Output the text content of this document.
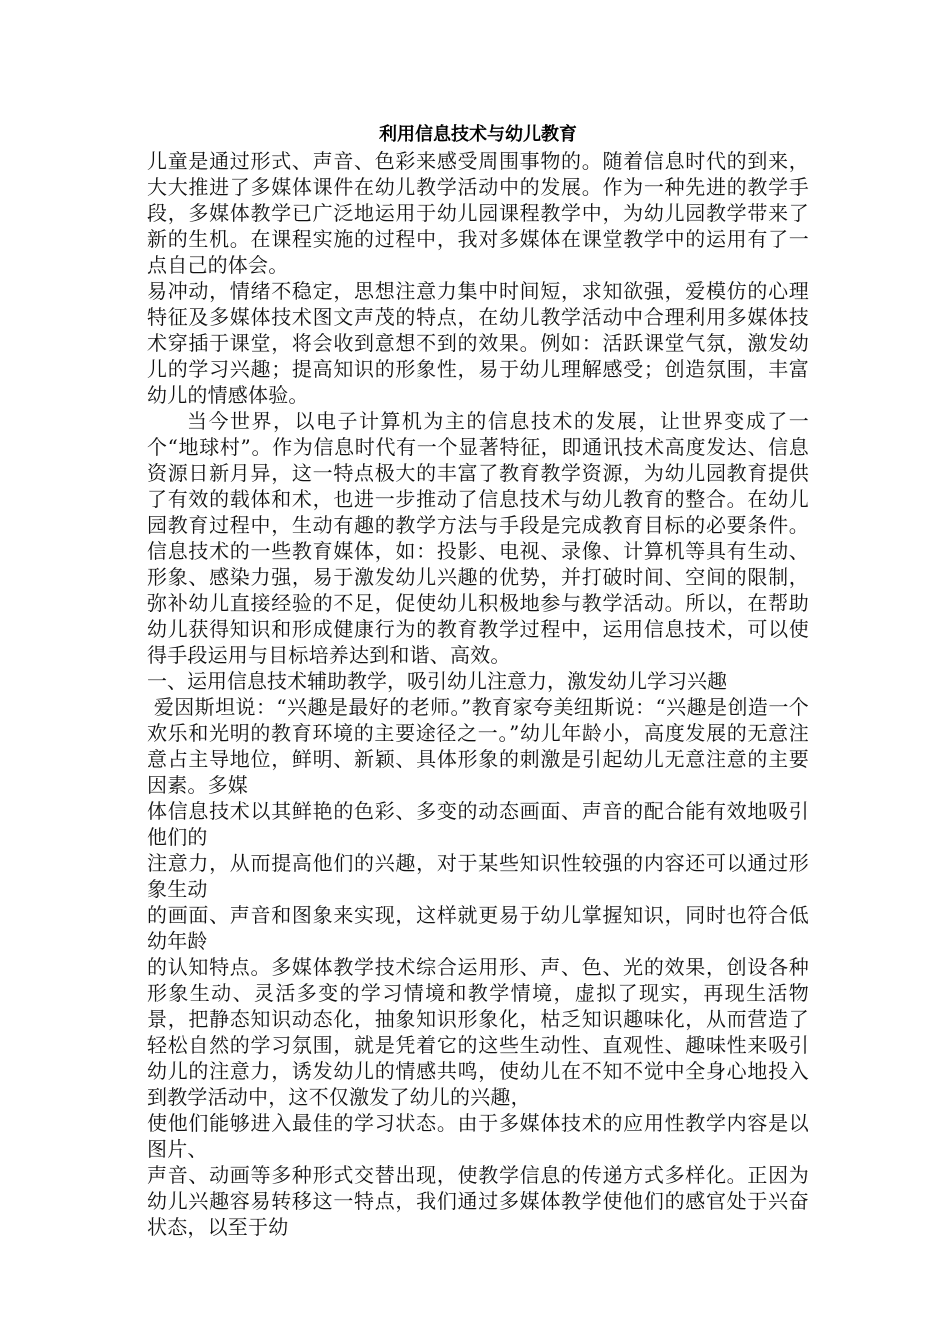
利用信息技术与幼儿教育

儿童是通过形式、声音、色彩来感受周围事物的。随着信息时代的到来，大大推进了多媒体课件在幼儿教学活动中的发展。作为一种先进的教学手段，多媒体教学已广泛地运用于幼儿园课程教学中，为幼儿园教学带来了新的生机。在课程实施的过程中，我对多媒体在课堂教学中的运用有了一点自己的体会。

易冲动，情绪不稳定，思想注意力集中时间短，求知欲强，爱模仿的心理特征及多媒体技术图文声茂的特点，在幼儿教学活动中合理利用多媒体技术穿插于课堂，将会收到意想不到的效果。例如：活跃课堂气氛，激发幼儿的学习兴趣；提高知识的形象性，易于幼儿理解感受；创造氛围，丰富幼儿的情感体验。

当今世界，以电子计算机为主的信息技术的发展，让世界变成了一个“地球村”。作为信息时代有一个显著特征，即通讯技术高度发达、信息资源日新月异，这一特点极大的丰富了教育教学资源，为幼儿园教育提供了有效的载体和术，也进一步推动了信息技术与幼儿教育的整合。在幼儿园教育过程中，生动有趣的教学方法与手段是完成教育目标的必要条件。信息技术的一些教育媒体，如：投影、电视、录像、计算机等具有生动、形象、感染力强，易于激发幼儿兴趣的优势，并打破时间、空间的限制，弥补幼儿直接经验的不足，促使幼儿积极地参与教学活动。所以，在帮助幼儿获得知识和形成健康行为的教育教学过程中，运用信息技术，可以使得手段运用与目标培养达到和谐、高效。

一、运用信息技术辅助教学，吸引幼儿注意力，激发幼儿学习兴趣

爱因斯坦说：“兴趣是最好的老师。”教育家夸美纽斯说：“兴趣是创造一个欢乐和光明的教育环境的主要途径之一。”幼儿年龄小，高度发展的无意注意占主导地位，鲜明、新颖、具体形象的刺激是引起幼儿无意注意的主要因素。多媒

体信息技术以其鲜艳的色彩、多变的动态画面、声音的配合能有效地吸引他们的

注意力，从而提高他们的兴趣，对于某些知识性较强的内容还可以通过形象生动

的画面、声音和图象来实现，这样就更易于幼儿掌握知识，同时也符合低幼年龄

的认知特点。多媒体教学技术综合运用形、声、色、光的效果，创设各种形象生动、灵活多变的学习情境和教学情境，虚拟了现实，再现生活物景，把静态知识动态化，抽象知识形象化，枯乏知识趣味化，从而营造了轻松自然的学习氛围，就是凭着它的这些生动性、直观性、趣味性来吸引幼儿的注意力，诱发幼儿的情感共鸣，使幼儿在不知不觉中全身心地投入到教学活动中，这不仅激发了幼儿的兴趣，

使他们能够进入最佳的学习状态。由于多媒体技术的应用性教学内容是以图片、

声音、动画等多种形式交替出现，使教学信息的传递方式多样化。正因为幼儿兴趣容易转移这一特点，我们通过多媒体教学使他们的感官处于兴奋状态，以至于幼
